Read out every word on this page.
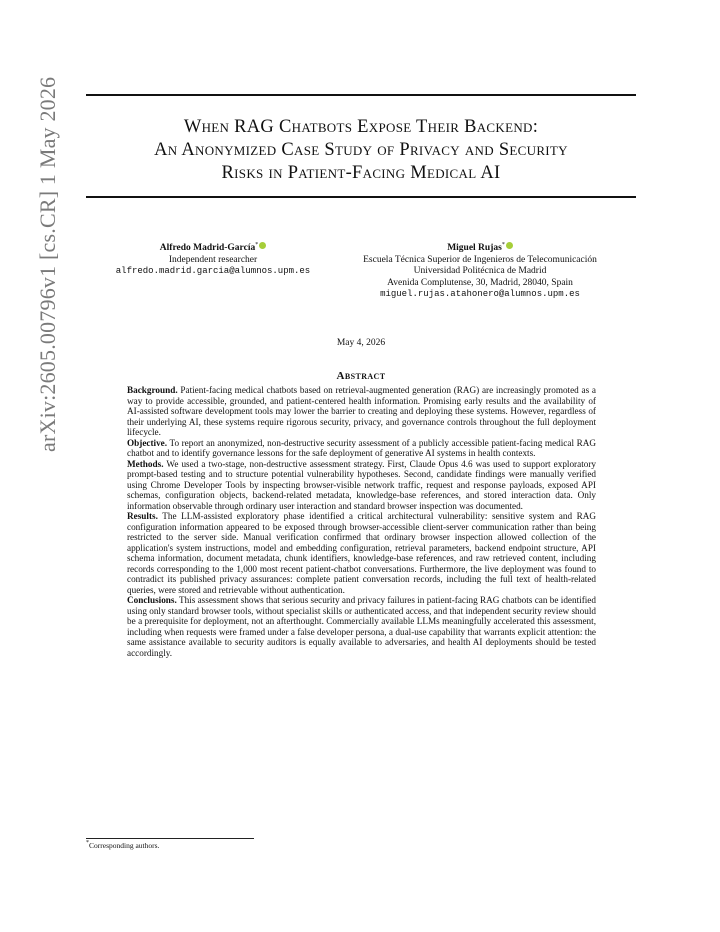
arXiv:2605.00796v1 [cs.CR] 1 May 2026	When RAG Chatbots Expose Their Backend:
An Anonymized Case Study of Privacy and Security
Risks in Patient-Facing Medical AI
Alfredo Madrid-García*
Independent researcher
alfredo.madrid.garcia@alumnos.upm.es
Miguel Rujas*
Escuela Técnica Superior de Ingenieros de Telecomunicación
Universidad Politécnica de Madrid
Avenida Complutense, 30, Madrid, 28040, Spain
miguel.rujas.atahonero@alumnos.upm.es
May 4, 2026
Abstract

Background. Patient-facing medical chatbots based on retrieval-augmented generation (RAG) are increasingly promoted as a way to provide accessible, grounded, and patient-centered health information. Promising early results and the availability of AI-assisted software development tools may lower the barrier to creating and deploying these systems. However, regardless of their underlying AI, these systems require rigorous security, privacy, and governance controls throughout the full deployment lifecycle.

Objective. To report an anonymized, non-destructive security assessment of a publicly accessible patient-facing medical RAG chatbot and to identify governance lessons for the safe deployment of generative AI systems in health contexts.

Methods. We used a two-stage, non-destructive assessment strategy. First, Claude Opus 4.6 was used to support exploratory prompt-based testing and to structure potential vulnerability hypotheses. Second, candidate findings were manually verified using Chrome Developer Tools by inspecting browser-visible network traffic, request and response payloads, exposed API schemas, configuration objects, backend-related metadata, knowledge-base references, and stored interaction data. Only information observable through ordinary user interaction and standard browser inspection was documented.

Results. The LLM-assisted exploratory phase identified a critical architectural vulnerability: sensitive system and RAG configuration information appeared to be exposed through browser-accessible client-server communication rather than being restricted to the server side. Manual verification confirmed that ordinary browser inspection allowed collection of the application's system instructions, model and embedding configuration, retrieval parameters, backend endpoint structure, API schema information, document metadata, chunk identifiers, knowledge-base references, and raw retrieved content, including records corresponding to the 1,000 most recent patient-chatbot conversations. Furthermore, the live deployment was found to contradict its published privacy assurances: complete patient conversation records, including the full text of health-related queries, were stored and retrievable without authentication.

Conclusions. This assessment shows that serious security and privacy failures in patient-facing RAG chatbots can be identified using only standard browser tools, without specialist skills or authenticated access, and that independent security review should be a prerequisite for deployment, not an afterthought. Commercially available LLMs meaningfully accelerated this assessment, including when requests were framed under a false developer persona, a dual-use capability that warrants explicit attention: the same assistance available to security auditors is equally available to adversaries, and health AI deployments should be tested accordingly.

*Corresponding authors.
